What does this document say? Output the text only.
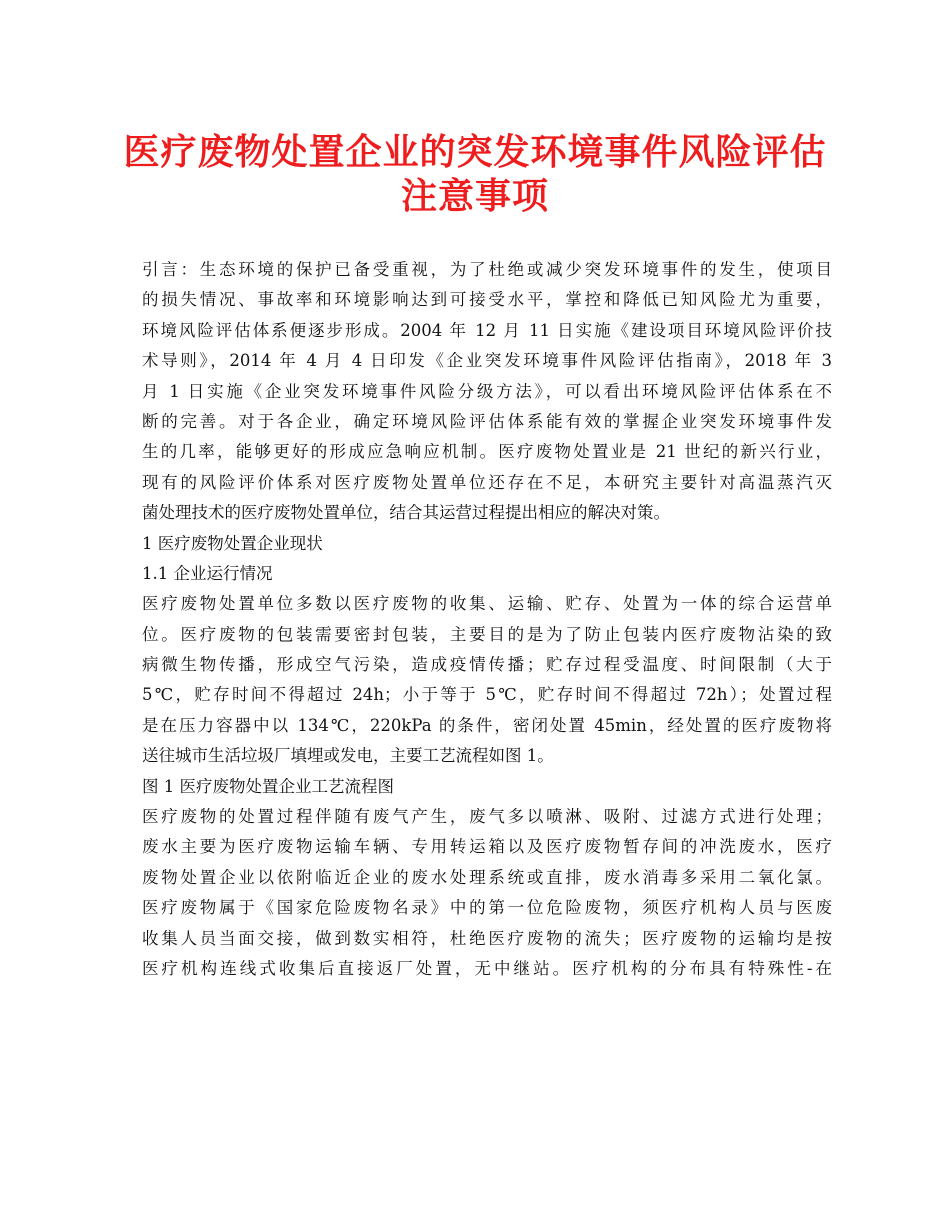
医疗废物处置企业的突发环境事件风险评估
注意事项

引言：生态环境的保护已备受重视，为了杜绝或减少突发环境事件的发生，使项目
的损失情况、事故率和环境影响达到可接受水平，掌控和降低已知风险尤为重要，
环境风险评估体系便逐步形成。2004 年 12 月 11 日实施《建设项目环境风险评价技
术导则》，2014 年 4 月 4 日印发《企业突发环境事件风险评估指南》，2018 年 3
月 1 日实施《企业突发环境事件风险分级方法》，可以看出环境风险评估体系在不
断的完善。对于各企业，确定环境风险评估体系能有效的掌握企业突发环境事件发
生的几率，能够更好的形成应急响应机制。医疗废物处置业是 21 世纪的新兴行业，
现有的风险评价体系对医疗废物处置单位还存在不足，本研究主要针对高温蒸汽灭
菌处理技术的医疗废物处置单位，结合其运营过程提出相应的解决对策。

1 医疗废物处置企业现状

1.1 企业运行情况

医疗废物处置单位多数以医疗废物的收集、运输、贮存、处置为一体的综合运营单
位。医疗废物的包装需要密封包装，主要目的是为了防止包装内医疗废物沾染的致
病微生物传播，形成空气污染，造成疫情传播；贮存过程受温度、时间限制（大于
5℃，贮存时间不得超过 24h；小于等于 5℃，贮存时间不得超过 72h）；处置过程
是在压力容器中以 134℃，220kPa 的条件，密闭处置 45min，经处置的医疗废物将
送往城市生活垃圾厂填埋或发电，主要工艺流程如图 1。

图 1 医疗废物处置企业工艺流程图

医疗废物的处置过程伴随有废气产生，废气多以喷淋、吸附、过滤方式进行处理；
废水主要为医疗废物运输车辆、专用转运箱以及医疗废物暂存间的冲洗废水，医疗
废物处置企业以依附临近企业的废水处理系统或直排，废水消毒多采用二氧化氯。
医疗废物属于《国家危险废物名录》中的第一位危险废物，须医疗机构人员与医废
收集人员当面交接，做到数实相符，杜绝医疗废物的流失；医疗废物的运输均是按
医疗机构连线式收集后直接返厂处置，无中继站。医疗机构的分布具有特殊性-在
